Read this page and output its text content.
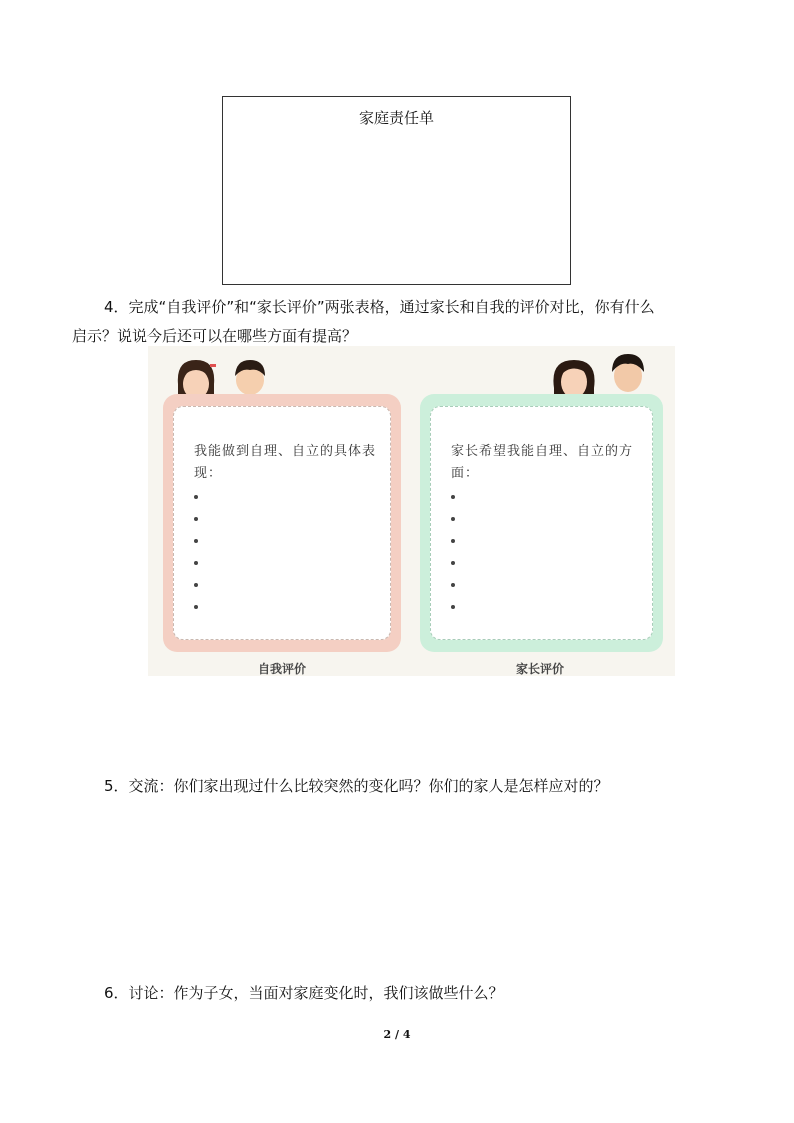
家庭责任单
4．完成“自我评价”和“家长评价”两张表格，通过家长和自我的评价对比，你有什么
启示？说说今后还可以在哪些方面有提高？
我能做到自理、自立的具体表现：
自我评价
家长希望我能自理、自立的方面：
家长评价
5．交流：你们家出现过什么比较突然的变化吗？你们的家人是怎样应对的？
6．讨论：作为子女，当面对家庭变化时，我们该做些什么？
2 / 4
